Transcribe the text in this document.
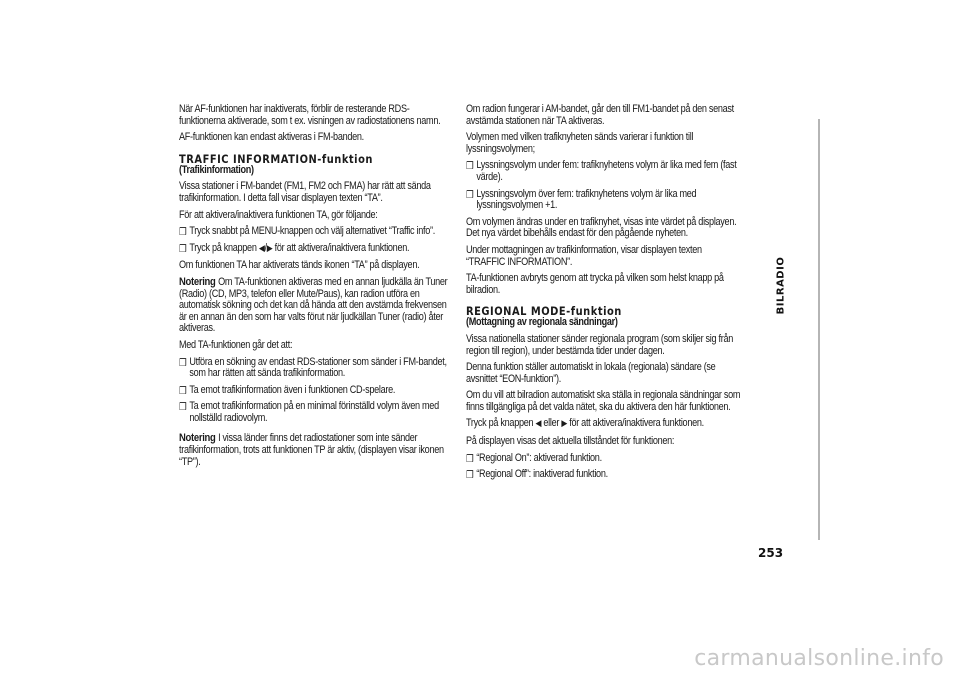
När AF-funktionen har inaktiverats, förblir de resterande RDS-funktionerna aktiverade, som t ex. visningen av radiostationens namn.

AF-funktionen kan endast aktiveras i FM-banden.

TRAFFIC INFORMATION-funktion
(Trafikinformation)

Vissa stationer i FM-bandet (FM1, FM2 och FMA) har rätt att sända trafikinformation. I detta fall visar displayen texten “TA”.

För att aktivera/inaktivera funktionen TA, gör följande:

❒ Tryck snabbt på MENU-knappen och välj alternativet “Traffic info”.
❒ Tryck på knappen ◀/▶ för att aktivera/inaktivera funktionen.

Om funktionen TA har aktiverats tänds ikonen “TA” på displayen.

Notering Om TA-funktionen aktiveras med en annan ljudkälla än Tuner (Radio) (CD, MP3, telefon eller Mute/Paus), kan radion utföra en automatisk sökning och det kan då hända att den avstämda frekvensen är en annan än den som har valts förut när ljudkällan Tuner (radio) åter aktiveras.

Med TA-funktionen går det att:

❒ Utföra en sökning av endast RDS-stationer som sänder i FM-bandet, som har rätten att sända trafikinformation.
❒ Ta emot trafikinformation även i funktionen CD-spelare.
❒ Ta emot trafikinformation på en minimal förinställd volym även med nollställd radiovolym.

Notering I vissa länder finns det radiostationer som inte sänder trafikinformation, trots att funktionen TP är aktiv, (displayen visar ikonen “TP”).

Om radion fungerar i AM-bandet, går den till FM1-bandet på den senast avstämda stationen när TA aktiveras.

Volymen med vilken trafiknyheten sänds varierar i funktion till lyssningsvolymen;

❒ Lyssningsvolym under fem: trafiknyhetens volym är lika med fem (fast värde).
❒ Lyssningsvolym över fem: trafiknyhetens volym är lika med lyssningsvolymen +1.

Om volymen ändras under en trafiknyhet, visas inte värdet på displayen. Det nya värdet bibehålls endast för den pågående nyheten.

Under mottagningen av trafikinformation, visar displayen texten “TRAFFIC INFORMATION”.

TA-funktionen avbryts genom att trycka på vilken som helst knapp på bilradion.

REGIONAL MODE-funktion
(Mottagning av regionala sändningar)

Vissa nationella stationer sänder regionala program (som skiljer sig från region till region), under bestämda tider under dagen.

Denna funktion ställer automatiskt in lokala (regionala) sändare (se avsnittet “EON-funktion”).

Om du vill att bilradion automatiskt ska ställa in regionala sändningar som finns tillgängliga på det valda nätet, ska du aktivera den här funktionen.

Tryck på knappen ◀ eller ▶ för att aktivera/inaktivera funktionen.

På displayen visas det aktuella tillståndet för funktionen:

❒ “Regional On”: aktiverad funktion.
❒ “Regional Off”: inaktiverad funktion.
BILRADIO
253
carmanualsonline.info
